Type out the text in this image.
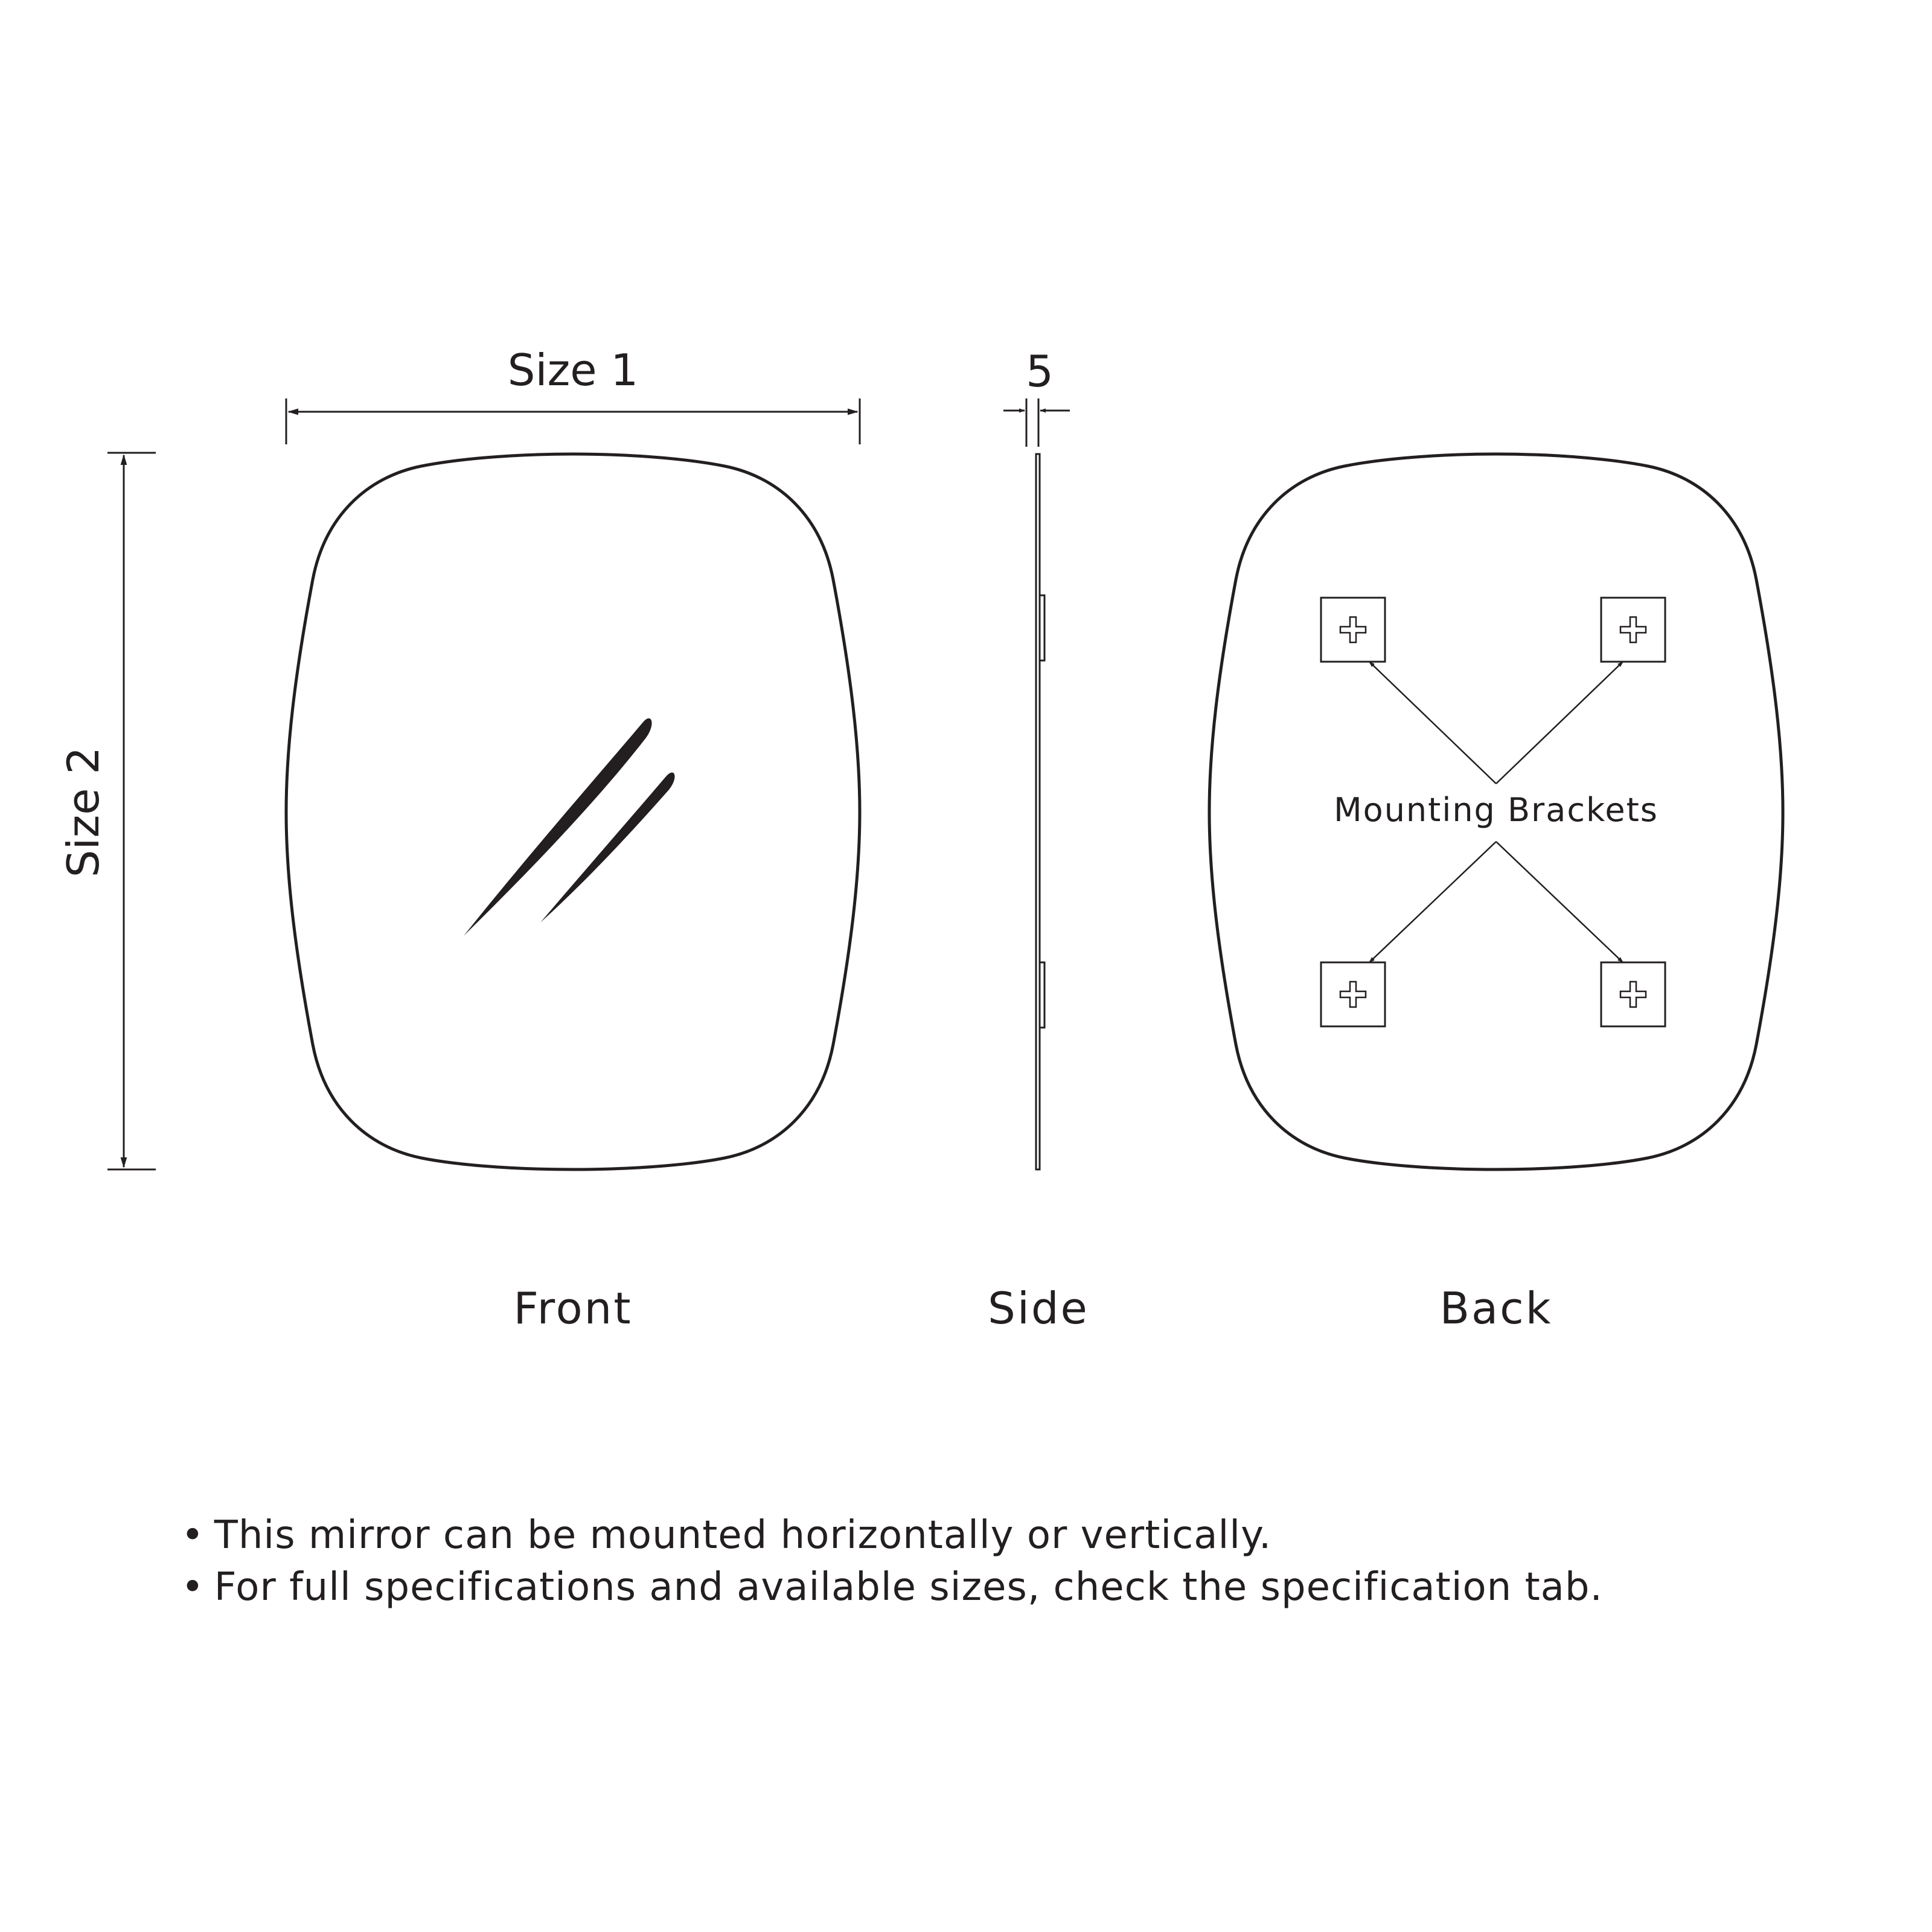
Size 1
Size 2
5
Mounting Brackets
Front	Side	Back
• This mirror can be mounted horizontally or vertically.
• For full specifications and available sizes, check the specification tab.
